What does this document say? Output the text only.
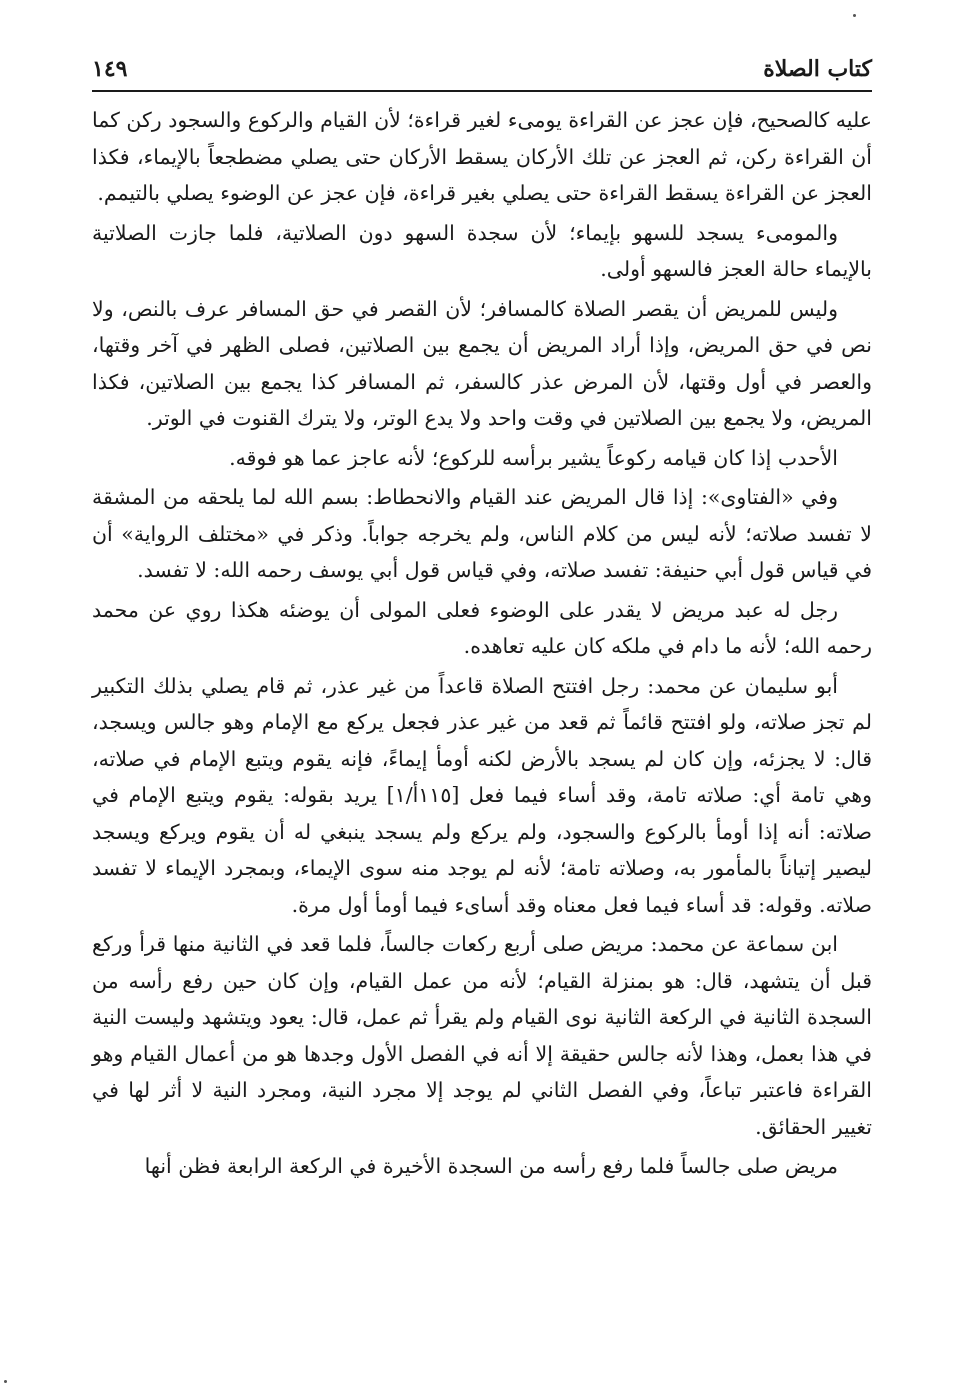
كتاب الصلاة
١٤٩

عليه كالصحيح، فإن عجز عن القراءة يومىء لغير قراءة؛ لأن القيام والركوع والسجود ركن كما أن القراءة ركن، ثم العجز عن تلك الأركان يسقط الأركان حتى يصلي مضطجعاً بالإيماء، فكذا العجز عن القراءة يسقط القراءة حتى يصلي بغير قراءة، فإن عجز عن الوضوء يصلي بالتيمم.

والمومىء يسجد للسهو بإيماء؛ لأن سجدة السهو دون الصلاتية، فلما جازت الصلاتية بالإيماء حالة العجز فالسهو أولى.

وليس للمريض أن يقصر الصلاة كالمسافر؛ لأن القصر في حق المسافر عرف بالنص، ولا نص في حق المريض، وإذا أراد المريض أن يجمع بين الصلاتين، فصلى الظهر في آخر وقتها، والعصر في أول وقتها، لأن المرض عذر كالسفر، ثم المسافر كذا يجمع بين الصلاتين، فكذا المريض، ولا يجمع بين الصلاتين في وقت واحد ولا يدع الوتر، ولا يترك القنوت في الوتر.

الأحدب إذا كان قيامه ركوعاً يشير برأسه للركوع؛ لأنه عاجز عما هو فوقه.

وفي «الفتاوى»: إذا قال المريض عند القيام والانحطاط: بسم الله لما يلحقه من المشقة لا تفسد صلاته؛ لأنه ليس من كلام الناس، ولم يخرجه جواباً. وذكر في «مختلف الرواية» أن في قياس قول أبي حنيفة: تفسد صلاته، وفي قياس قول أبي يوسف رحمه الله: لا تفسد.

رجل له عبد مريض لا يقدر على الوضوء فعلى المولى أن يوضئه هكذا روي عن محمد رحمه الله؛ لأنه ما دام في ملكه كان عليه تعاهده.

أبو سليمان عن محمد: رجل افتتح الصلاة قاعداً من غير عذر، ثم قام يصلي بذلك التكبير لم تجز صلاته، ولو افتتح قائماً ثم قعد من غير عذر فجعل يركع مع الإمام وهو جالس ويسجد، قال: لا يجزئه، وإن كان لم يسجد بالأرض لكنه أومأ إيماءً، فإنه يقوم ويتبع الإمام في صلاته، وهي تامة أي: صلاته تامة، وقد أساء فيما فعل [١١٥أ/١] يريد بقوله: يقوم ويتبع الإمام في صلاته: أنه إذا أومأ بالركوع والسجود، ولم يركع ولم يسجد ينبغي له أن يقوم ويركع ويسجد ليصير إتياناً بالمأمور به، وصلاته تامة؛ لأنه لم يوجد منه سوى الإيماء، وبمجرد الإيماء لا تفسد صلاته. وقوله: قد أساء فيما فعل معناه وقد أساىء فيما أومأ أول مرة.

ابن سماعة عن محمد: مريض صلى أربع ركعات جالساً، فلما قعد في الثانية منها قرأ وركع قبل أن يتشهد، قال: هو بمنزلة القيام؛ لأنه من عمل القيام، وإن كان حين رفع رأسه من السجدة الثانية في الركعة الثانية نوى القيام ولم يقرأ ثم عمل، قال: يعود ويتشهد وليست النية في هذا بعمل، وهذا لأنه جالس حقيقة إلا أنه في الفصل الأول وجدها هو من أعمال القيام وهو القراءة فاعتبر تباعاً، وفي الفصل الثاني لم يوجد إلا مجرد النية، ومجرد النية لا أثر لها في تغيير الحقائق.

مريض صلى جالساً فلما رفع رأسه من السجدة الأخيرة في الركعة الرابعة فظن أنها
